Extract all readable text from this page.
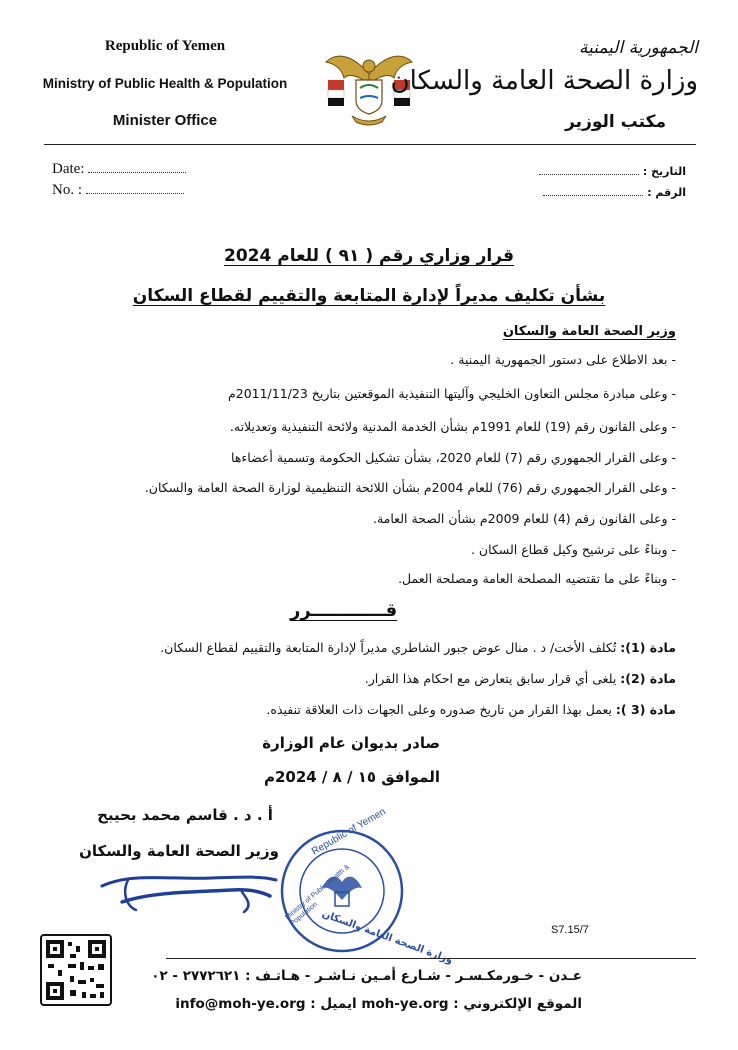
Republic of Yemen
Ministry of Public Health & Population
Minister Office
الجمهورية اليمنية
وزارة الصحة العامة والسكان
مكتب الوزير
Date:
No. :
التاريخ :
الرقم :
قرار وزاري رقم ( ٩١ ) للعام 2024
بشأن تكليف مديراً لإدارة المتابعة والتقييم لقطاع السكان
وزير الصحة العامة والسكان
- بعد الاطلاع على دستور الجمهورية اليمنية .
- وعلى مبادرة مجلس التعاون الخليجي وآليتها التنفيذية الموقعتين بتاريخ 2011/11/23م
- وعلى القانون رقم (19) للعام 1991م بشأن الخدمة المدنية ولائحة التنفيذية وتعديلاته.
- وعلى القرار الجمهوري رقم (7) للعام 2020، بشأن تشكيل الحكومة وتسمية أعضاءها
- وعلى القرار الجمهوري رقم (76) للعام 2004م بشأن اللائحة التنظيمية لوزارة الصحة العامة والسكان.
- وعلى القانون رقم (4) للعام 2009م بشأن الصحة العامة.
- وبناءً على ترشيح وكيل قطاع السكان .
- وبناءً على ما تقتضيه المصلحة العامة ومصلحة العمل.
قــــــــــــرر
مادة (1): تُكلف الأخت/ د . منال عوض جبور الشاطري مديراً لإدارة المتابعة والتقييم لقطاع السكان.
مادة (2): يلغى أي قرار سابق يتعارض مع احكام هذا القرار.
مادة (3 ): يعمل بهذا القرار من تاريخ صدوره وعلى الجهات ذات العلاقة تنفيذه.
صادر بديوان عام الوزارة
الموافق ١٥ / ٨ / 2024م
أ . د . قاسم محمد بحيبح
وزير الصحة العامة والسكان	Republic of Yemen
Ministry of Public Health & Population وزارة الصحة العامة والسكان	S7.15/7
عـدن - خـورمكـسـر - شـارع أمـين نـاشـر - هـاتـف : ٢٧٧٢٦٢١ - ٠٢
الموقع الإلكتروني : moh-ye.org ايميل : info@moh-ye.org
